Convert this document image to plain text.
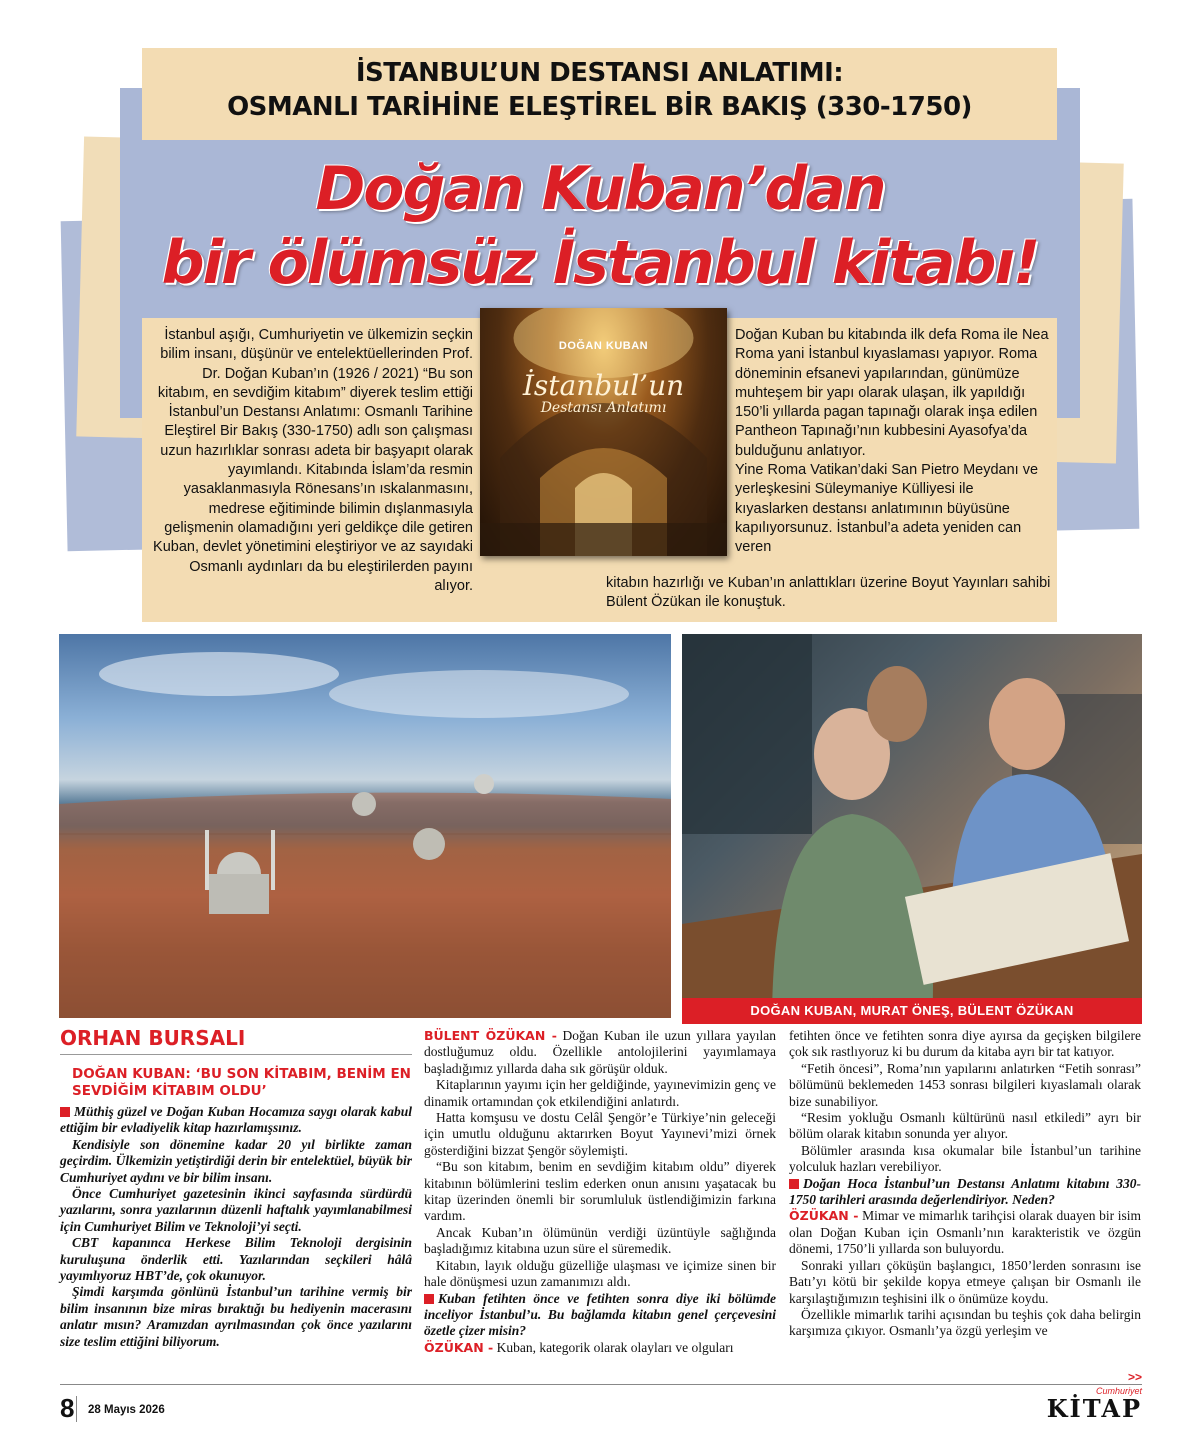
İSTANBUL’UN DESTANSI ANLATIMI:
OSMANLI TARİHİNE ELEŞTİREL BİR BAKIŞ (330-1750)
Doğan Kuban’dan
bir ölümsüz İstanbul kitabı!
İstanbul aşığı, Cumhuriyetin ve ülkemizin seçkin bilim insanı, düşünür ve entelektüellerinden Prof. Dr. Doğan Kuban’ın (1926 / 2021) “Bu son kitabım, en sevdiğim kitabım” diyerek teslim ettiği İstanbul’un Destansı Anlatımı: Osmanlı Tarihine Eleştirel Bir Bakış (330-1750) adlı son çalışması uzun hazırlıklar sonrası adeta bir başyapıt olarak yayımlandı. Kitabında İslam’da resmin yasaklanmasıyla Rönesans’ın ıskalanmasını, medrese eğitiminde bilimin dışlanmasıyla gelişmenin olamadığını yeri geldikçe dile getiren Kuban, devlet yönetimini eleştiriyor ve az sayıdaki Osmanlı aydınları da bu eleştirilerden payını alıyor.
DOĞAN KUBAN
İstanbul’un
Destansı Anlatımı
Doğan Kuban bu kitabında ilk defa Roma ile Nea Roma yani İstanbul kıyaslaması yapıyor. Roma döneminin efsanevi yapılarından, günümüze muhteşem bir yapı olarak ulaşan, ilk yapıldığı 150’li yıllarda pagan tapınağı olarak inşa edilen Pantheon Tapınağı’nın kubbesini Ayasofya’da bulduğunu anlatıyor.
Yine Roma Vatikan’daki San Pietro Meydanı ve yerleşkesini Süleymaniye Külliyesi ile kıyaslarken destansı anlatımının büyüsüne kapılıyorsunuz. İstanbul’a adeta yeniden can veren
kitabın hazırlığı ve Kuban’ın anlattıkları üzerine Boyut Yayınları sahibi Bülent Özükan ile konuştuk.
DOĞAN KUBAN, MURAT ÖNEŞ, BÜLENT ÖZÜKAN
ORHAN BURSALI
DOĞAN KUBAN: ‘BU SON KİTABIM, BENİM EN SEVDİĞİM KİTABIM OLDU’

Müthiş güzel ve Doğan Kuban Hocamıza saygı olarak kabul ettiğim bir evladiyelik kitap hazırlamışsınız.

Kendisiyle son dönemine kadar 20 yıl birlikte zaman geçirdim. Ülkemizin yetiştirdiği derin bir entelektüel, büyük bir Cumhuriyet aydını ve bir bilim insanı.

Önce Cumhuriyet gazetesinin ikinci sayfasında sürdürdü yazılarını, sonra yazılarının düzenli haftalık yayımlanabilmesi için Cumhuriyet Bilim ve Teknoloji’yi seçti.

CBT kapanınca Herkese Bilim Teknoloji dergisinin kuruluşuna önderlik etti. Yazılarından seçkileri hâlâ yayımlıyoruz HBT’de, çok okunuyor.

Şimdi karşımda gönlünü İstanbul’un tarihine vermiş bir bilim insanının bize miras bıraktığı bu hediyenin macerasını anlatır mısın? Aramızdan ayrılmasından çok önce yazılarını size teslim ettiğini biliyorum.

BÜLENT ÖZÜKAN - Doğan Kuban ile uzun yıllara yayılan dostluğumuz oldu. Özellikle antolojilerini yayımlamaya başladığımız yıllarda daha sık görüşür olduk.

Kitaplarının yayımı için her geldiğinde, yayınevimizin genç ve dinamik ortamından çok etkilendiğini anlatırdı.

Hatta komşusu ve dostu Celâl Şengör’e Türkiye’nin geleceği için umutlu olduğunu aktarırken Boyut Yayınevi’mizi örnek gösterdiğini bizzat Şengör söylemişti.

“Bu son kitabım, benim en sevdiğim kitabım oldu” diyerek kitabının bölümlerini teslim ederken onun anısını yaşatacak bu kitap üzerinden önemli bir sorumluluk üstlendiğimizin farkına vardım.

Ancak Kuban’ın ölümünün verdiği üzüntüyle sağlığında başladığımız kitabına uzun süre el süremedik.

Kitabın, layık olduğu güzelliğe ulaşması ve içimize sinen bir hale dönüşmesi uzun zamanımızı aldı.

Kuban fetihten önce ve fetihten sonra diye iki bölümde inceliyor İstanbul’u. Bu bağlamda kitabın genel çerçevesini özetle çizer misin?

ÖZÜKAN - Kuban, kategorik olarak olayları ve olguları

fetihten önce ve fetihten sonra diye ayırsa da geçişken bilgilere çok sık rastlıyoruz ki bu durum da kitaba ayrı bir tat katıyor.

“Fetih öncesi”, Roma’nın yapılarını anlatırken “Fetih sonrası” bölümünü beklemeden 1453 sonrası bilgileri kıyaslamalı olarak bize sunabiliyor.

“Resim yokluğu Osmanlı kültürünü nasıl etkiledi” ayrı bir bölüm olarak kitabın sonunda yer alıyor.

Bölümler arasında kısa okumalar bile İstanbul’un tarihine yolculuk hazları verebiliyor.

Doğan Hoca İstanbul’un Destansı Anlatımı kitabını 330-1750 tarihleri arasında değerlendiriyor. Neden?

ÖZÜKAN - Mimar ve mimarlık tarihçisi olarak duayen bir isim olan Doğan Kuban için Osmanlı’nın karakteristik ve özgün dönemi, 1750’li yıllarda son buluyordu.

Sonraki yılları çöküşün başlangıcı, 1850’lerden sonrasını ise Batı’yı kötü bir şekilde kopya etmeye çalışan bir Osmanlı ile karşılaştığımızın teşhisini ilk o önümüze koydu.

Özellikle mimarlık tarihi açısından bu teşhis çok daha belirgin karşımıza çıkıyor. Osmanlı’ya özgü yerleşim ve

>>
8 28 Mayıs 2026
Cumhuriyet
KİTAP
